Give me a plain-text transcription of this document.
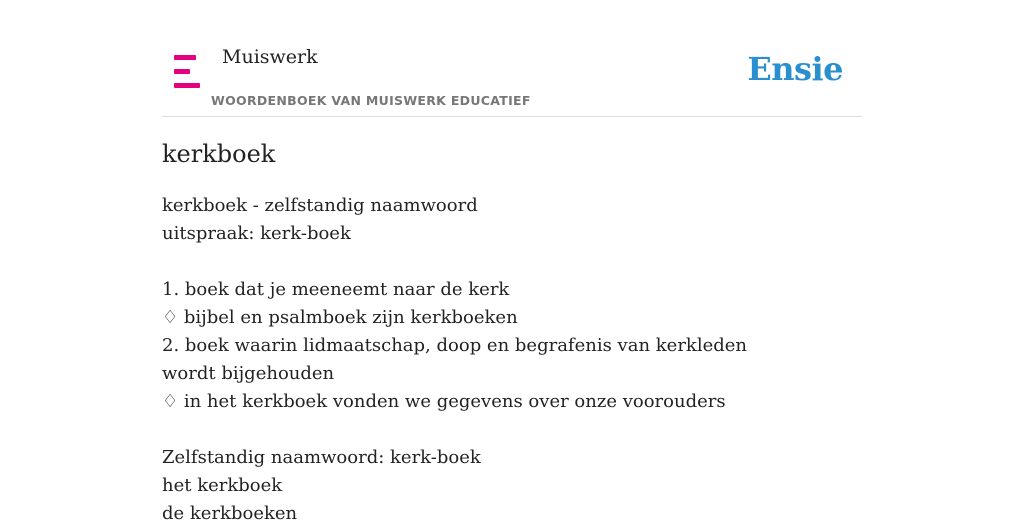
Muiswerk
WOORDENBOEK VAN MUISWERK EDUCATIEF
Ensie
kerkboek
kerkboek - zelfstandig naamwoord
uitspraak: kerk-boek
1. boek dat je meeneemt naar de kerk
♢ bijbel en psalmboek zijn kerkboeken
2. boek waarin lidmaatschap, doop en begrafenis van kerkleden wordt bijgehouden
♢ in het kerkboek vonden we gegevens over onze voorouders
Zelfstandig naamwoord: kerk-boek
het kerkboek
de kerkboeken
